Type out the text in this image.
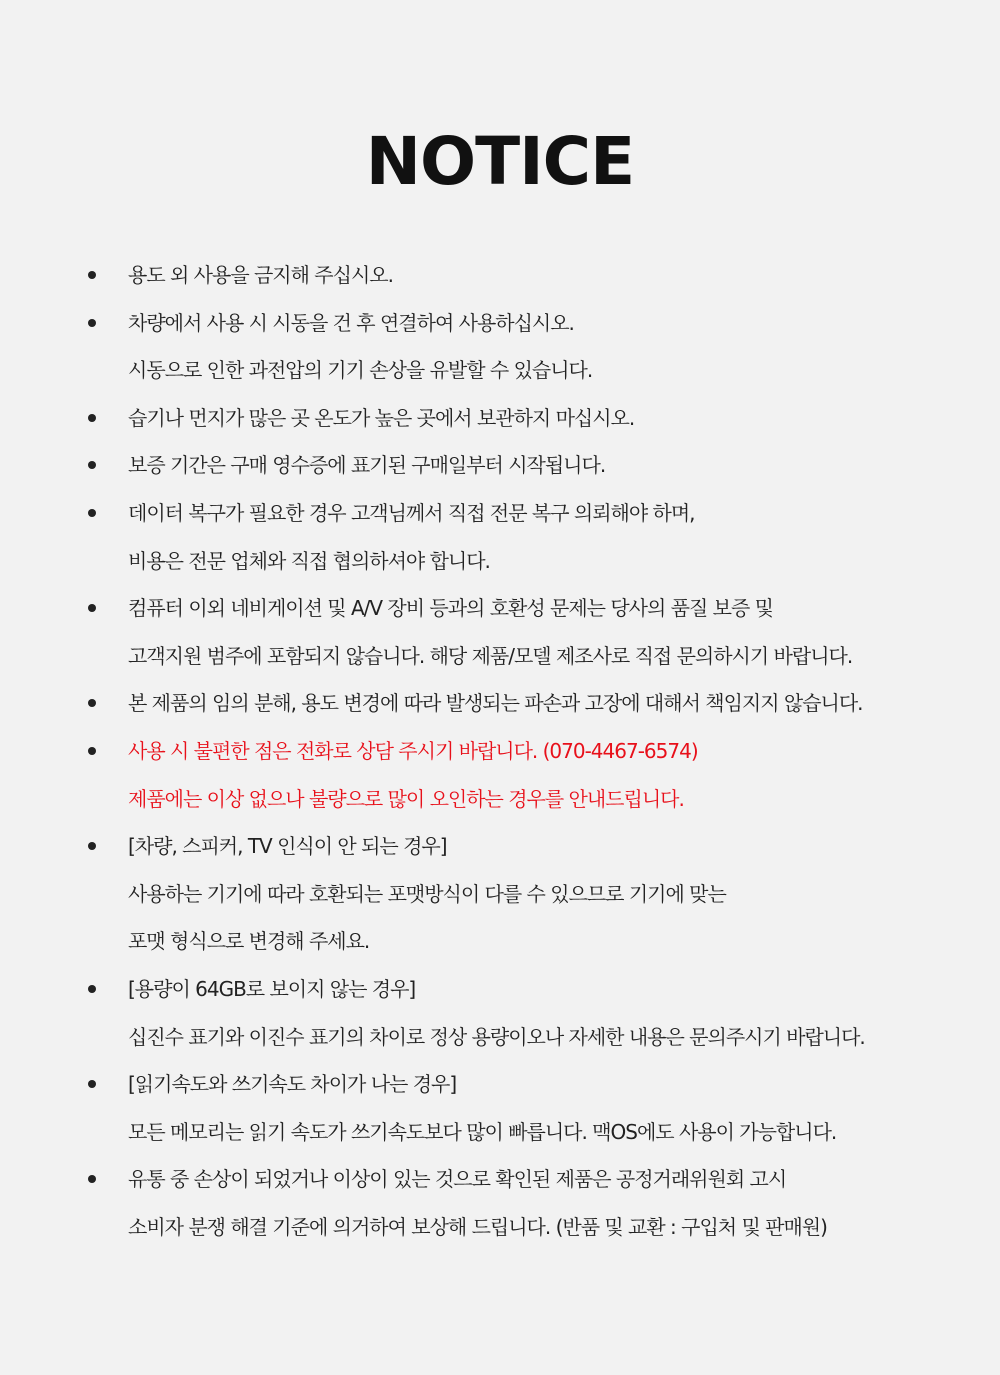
NOTICE
용도 외 사용을 금지해 주십시오.
차량에서 사용 시 시동을 건 후 연결하여 사용하십시오.
시동으로 인한 과전압의 기기 손상을 유발할 수 있습니다.
습기나 먼지가 많은 곳 온도가 높은 곳에서 보관하지 마십시오.
보증 기간은 구매 영수증에 표기된 구매일부터 시작됩니다.
데이터 복구가 필요한 경우 고객님께서 직접 전문 복구 의뢰해야 하며,
비용은 전문 업체와 직접 협의하셔야 합니다.
컴퓨터 이외 네비게이션 및 A/V 장비 등과의 호환성 문제는 당사의 품질 보증 및
고객지원 범주에 포함되지 않습니다. 해당 제품/모델 제조사로 직접 문의하시기 바랍니다.
본 제품의 임의 분해, 용도 변경에 따라 발생되는 파손과 고장에 대해서 책임지지 않습니다.
사용 시 불편한 점은 전화로 상담 주시기 바랍니다. (070-4467-6574)
제품에는 이상 없으나 불량으로 많이 오인하는 경우를 안내드립니다.
[차량, 스피커, TV 인식이 안 되는 경우]
사용하는 기기에 따라 호환되는 포맷방식이 다를 수 있으므로 기기에 맞는
포맷 형식으로 변경해 주세요.
[용량이 64GB로 보이지 않는 경우]
십진수 표기와 이진수 표기의 차이로 정상 용량이오나 자세한 내용은 문의주시기 바랍니다.
[읽기속도와 쓰기속도 차이가 나는 경우]
모든 메모리는 읽기 속도가 쓰기속도보다 많이 빠릅니다. 맥OS에도 사용이 가능합니다.
유통 중 손상이 되었거나 이상이 있는 것으로 확인된 제품은 공정거래위원회 고시
소비자 분쟁 해결 기준에 의거하여 보상해 드립니다. (반품 및 교환 : 구입처 및 판매원)
